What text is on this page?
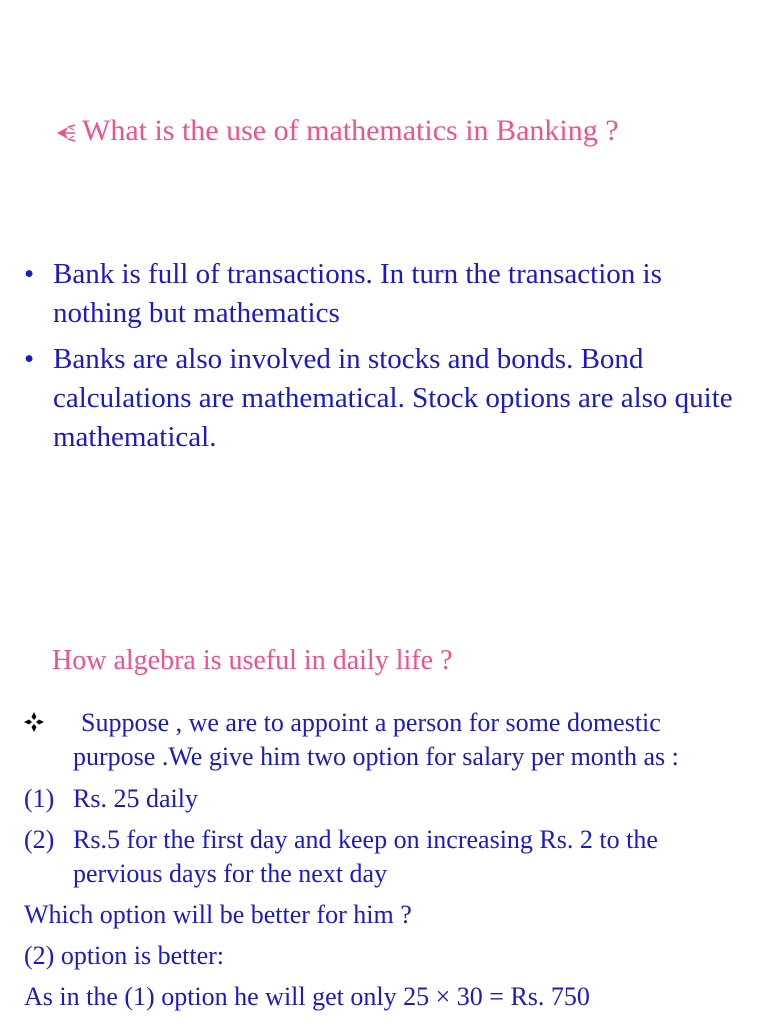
What is the use of mathematics in Banking ?
• Bank is full of transactions. In turn the transaction is nothing but mathematics
• Banks are also involved in stocks and bonds. Bond calculations are mathematical. Stock options are also quite mathematical.
How algebra is useful in daily life ?
Suppose , we are to appoint a person for some domestic
purpose .We give him two option for salary per month as :
(1) Rs. 25 daily
(2) Rs.5 for the first day and keep on increasing Rs. 2 to the
pervious days for the next day
Which option will be better for him ?
(2) option is better:
As in the (1) option he will get only 25 × 30 = Rs. 750
